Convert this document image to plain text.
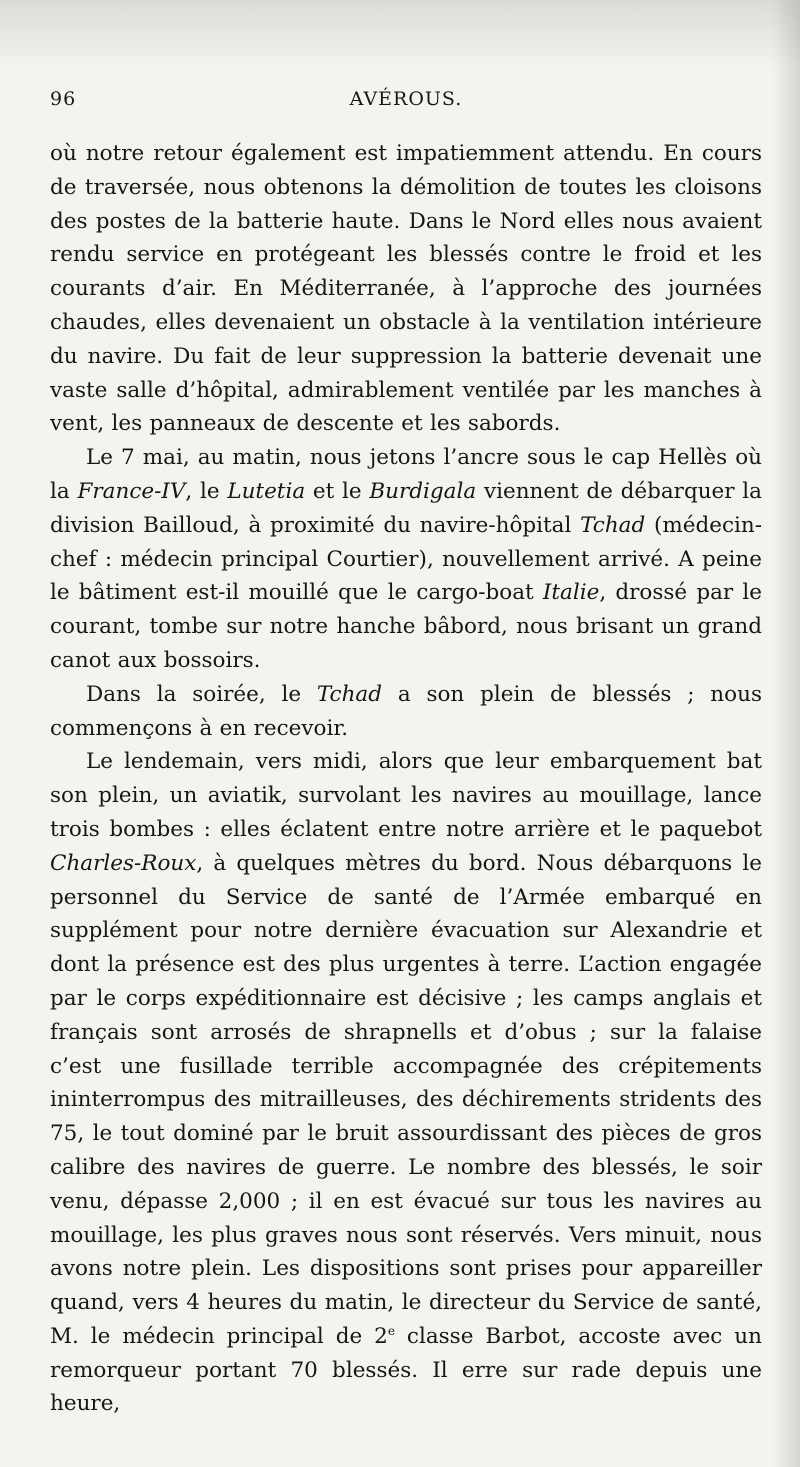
96	AVÉROUS.

où notre retour également est impatiemment attendu. En cours de traversée, nous obtenons la démolition de toutes les cloisons des postes de la batterie haute. Dans le Nord elles nous avaient rendu service en protégeant les blessés contre le froid et les courants d’air. En Méditerranée, à l’approche des journées chaudes, elles devenaient un obstacle à la ventilation intérieure du navire. Du fait de leur suppression la batterie devenait une vaste salle d’hôpital, admirablement ventilée par les manches à vent, les panneaux de descente et les sabords.

Le 7 mai, au matin, nous jetons l’ancre sous le cap Hellès où la France-IV, le Lutetia et le Burdigala viennent de débarquer la division Bailloud, à proximité du navire-hôpital Tchad (médecin-chef : médecin principal Courtier), nouvellement arrivé. A peine le bâtiment est-il mouillé que le cargo-boat Italie, drossé par le courant, tombe sur notre hanche bâbord, nous brisant un grand canot aux bossoirs.

Dans la soirée, le Tchad a son plein de blessés ; nous commençons à en recevoir.

Le lendemain, vers midi, alors que leur embarquement bat son plein, un aviatik, survolant les navires au mouillage, lance trois bombes : elles éclatent entre notre arrière et le paquebot Charles-Roux, à quelques mètres du bord. Nous débarquons le personnel du Service de santé de l’Armée embarqué en supplément pour notre dernière évacuation sur Alexandrie et dont la présence est des plus urgentes à terre. L’action engagée par le corps expéditionnaire est décisive ; les camps anglais et français sont arrosés de shrapnells et d’obus ; sur la falaise c’est une fusillade terrible accompagnée des crépitements ininterrompus des mitrailleuses, des déchirements stridents des 75, le tout dominé par le bruit assourdissant des pièces de gros calibre des navires de guerre. Le nombre des blessés, le soir venu, dépasse 2,000 ; il en est évacué sur tous les navires au mouillage, les plus graves nous sont réservés. Vers minuit, nous avons notre plein. Les dispositions sont prises pour appareiller quand, vers 4 heures du matin, le directeur du Service de santé, M. le médecin principal de 2e classe Barbot, accoste avec un remorqueur portant 70 blessés. Il erre sur rade depuis une heure,
